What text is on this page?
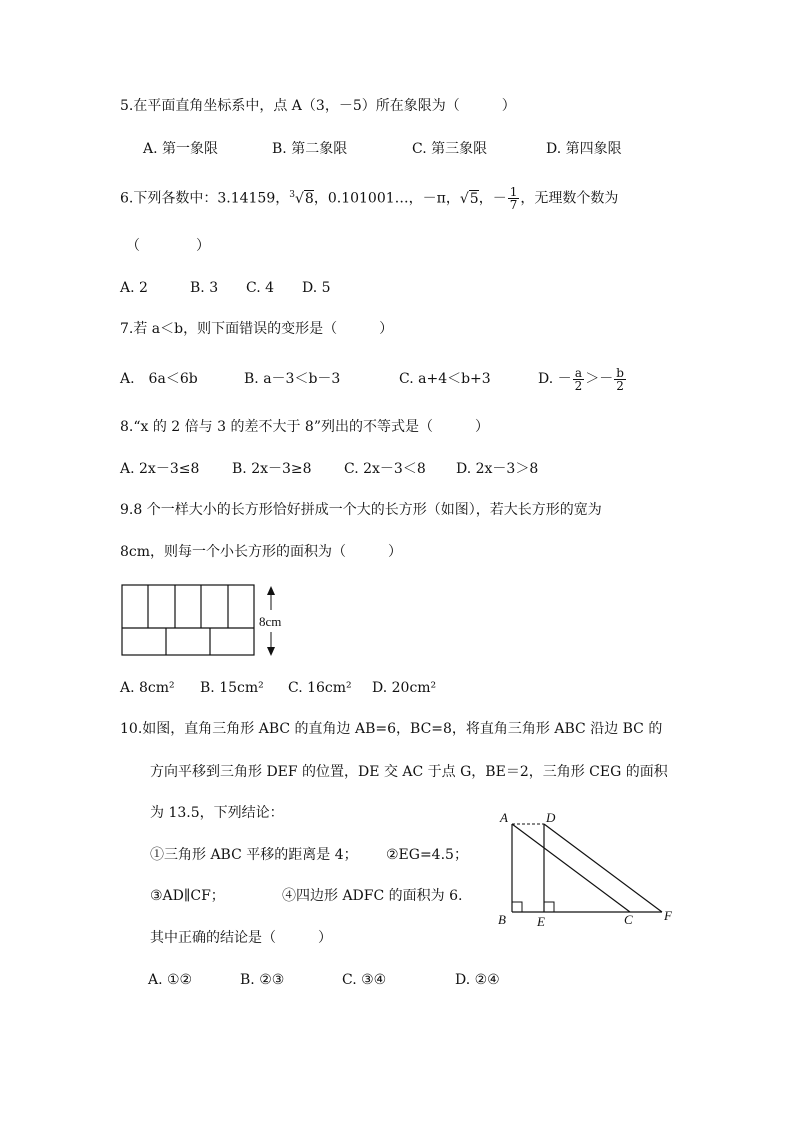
5.在平面直角坐标系中，点 A（3，－5）所在象限为（　　　）
A. 第一象限	B. 第二象限	C. 第三象限	D. 第四象限
6.下列各数中：3.14159，$^3$√8，0.101001…，－π，√5，－ $\frac{1}{7}$ ，无理数个数为
（　　　　）
A. 2	B. 3 C. 4 D. 5
7.若 a＜b，则下面错误的变形是（　　　）
A.　6a＜6b	B. a－3＜b－3	C. a+4＜b+3	D. － $\frac{a}{2} >- \frac{b}{2}$
8.“x 的 2 倍与 3 的差不大于 8”列出的不等式是（　　　）
A. 2x－3≤8 B. 2x－3≥8 C. 2x－3＜8 D. 2x－3＞8
9.8 个一样大小的长方形恰好拼成一个大的长方形（如图），若大长方形的宽为
8cm，则每一个小长方形的面积为（　　　）
8cm
A. 8cm² B. 15cm² C. 16cm² D. 20cm²
10.如图，直角三角形 ABC 的直角边 AB=6，BC=8，将直角三角形 ABC 沿边 BC 的
方向平移到三角形 DEF 的位置，DE 交 AC 于点 G，BE＝2，三角形 CEG 的面积
为 13.5，下列结论：
①三角形 ABC 平移的距离是 4； ②EG=4.5；
③AD∥CF；	④四边形 ADFC 的面积为 6.
其中正确的结论是（　　　）
A	D
B E	C F
A. ①②	B. ②③	C. ③④	D. ②④
